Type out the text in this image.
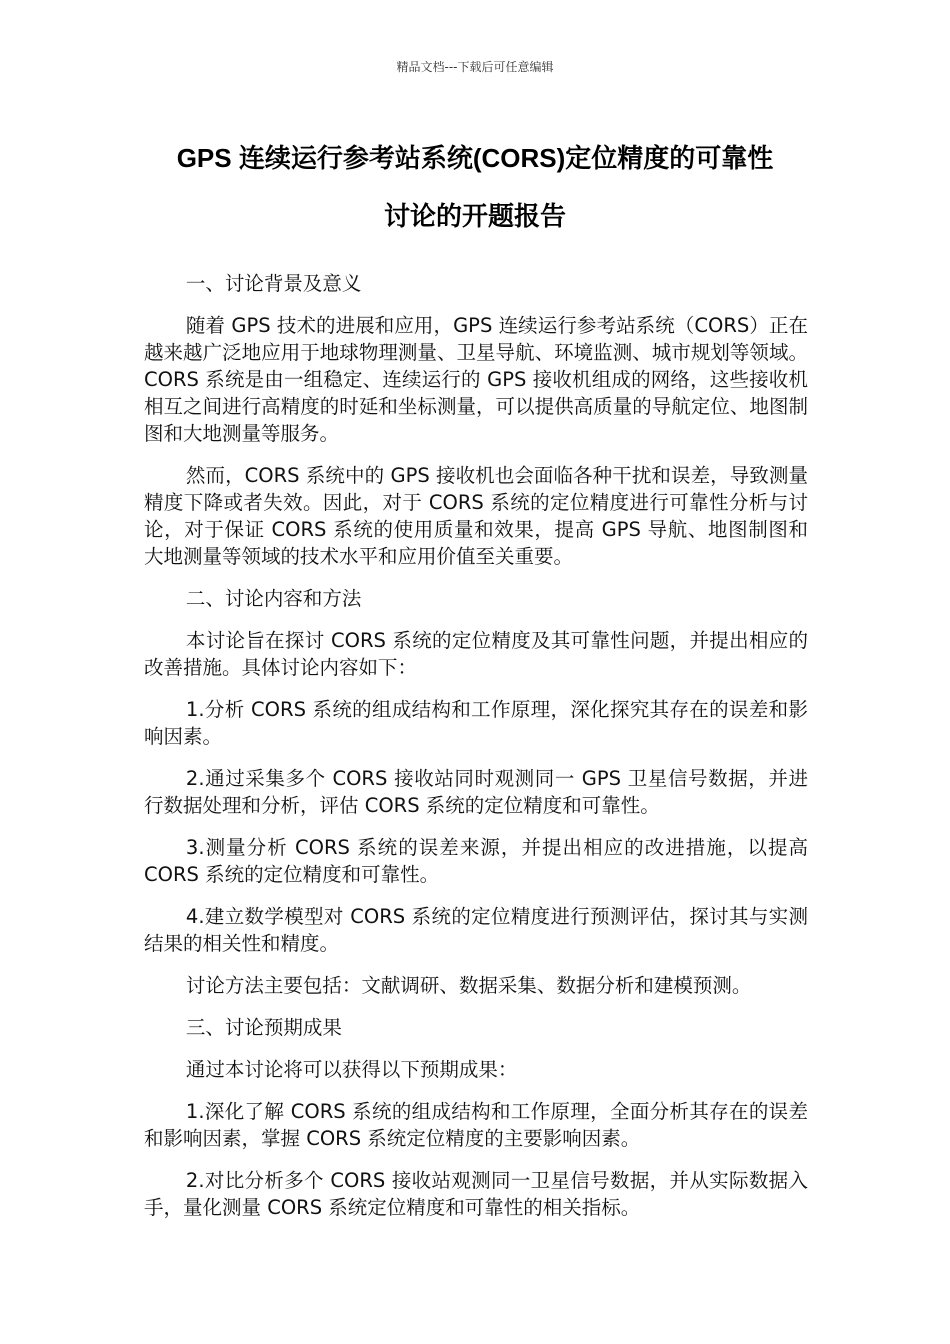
精品文档---下载后可任意编辑
GPS 连续运行参考站系统(CORS)定位精度的可靠性
讨论的开题报告

一、讨论背景及意义

随着 GPS 技术的进展和应用，GPS 连续运行参考站系统（CORS）正在越来越广泛地应用于地球物理测量、卫星导航、环境监测、城市规划等领域。CORS 系统是由一组稳定、连续运行的 GPS 接收机组成的网络，这些接收机相互之间进行高精度的时延和坐标测量，可以提供高质量的导航定位、地图制图和大地测量等服务。

然而，CORS 系统中的 GPS 接收机也会面临各种干扰和误差，导致测量精度下降或者失效。因此，对于 CORS 系统的定位精度进行可靠性分析与讨论，对于保证 CORS 系统的使用质量和效果，提高 GPS 导航、地图制图和大地测量等领域的技术水平和应用价值至关重要。

二、讨论内容和方法

本讨论旨在探讨 CORS 系统的定位精度及其可靠性问题，并提出相应的改善措施。具体讨论内容如下：

1.分析 CORS 系统的组成结构和工作原理，深化探究其存在的误差和影响因素。

2.通过采集多个 CORS 接收站同时观测同一 GPS 卫星信号数据，并进行数据处理和分析，评估 CORS 系统的定位精度和可靠性。

3.测量分析 CORS 系统的误差来源，并提出相应的改进措施，以提高 CORS 系统的定位精度和可靠性。

4.建立数学模型对 CORS 系统的定位精度进行预测评估，探讨其与实测结果的相关性和精度。

讨论方法主要包括：文献调研、数据采集、数据分析和建模预测。

三、讨论预期成果

通过本讨论将可以获得以下预期成果：

1.深化了解 CORS 系统的组成结构和工作原理，全面分析其存在的误差和影响因素，掌握 CORS 系统定位精度的主要影响因素。

2.对比分析多个 CORS 接收站观测同一卫星信号数据，并从实际数据入手，量化测量 CORS 系统定位精度和可靠性的相关指标。
